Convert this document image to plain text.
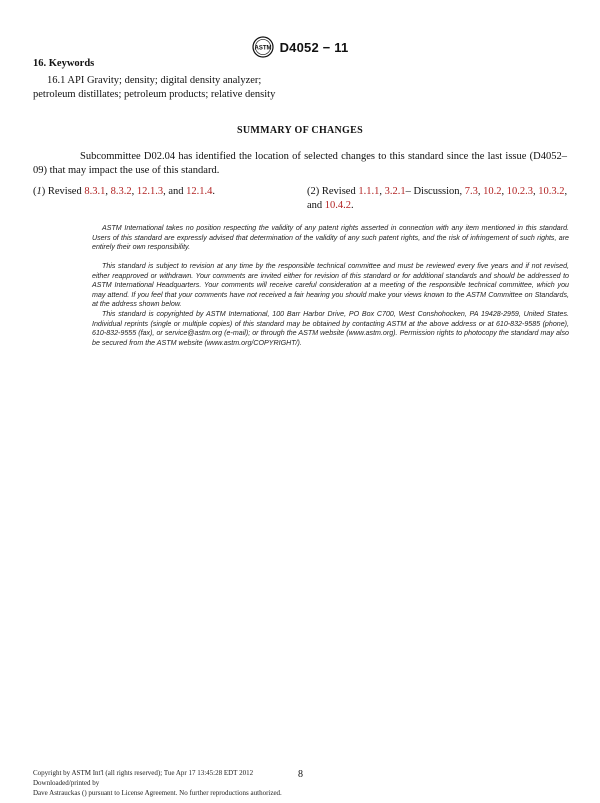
ASTM D4052 − 11
16. Keywords
16.1 API Gravity; density; digital density analyzer; petroleum distillates; petroleum products; relative density
SUMMARY OF CHANGES
Subcommittee D02.04 has identified the location of selected changes to this standard since the last issue (D4052–09) that may impact the use of this standard.
(1) Revised 8.3.1, 8.3.2, 12.1.3, and 12.1.4.	(2) Revised 1.1.1, 3.2.1– Discussion, 7.3, 10.2, 10.2.3, 10.3.2, and 10.4.2.
ASTM International takes no position respecting the validity of any patent rights asserted in connection with any item mentioned in this standard. Users of this standard are expressly advised that determination of the validity of any such patent rights, and the risk of infringement of such rights, are entirely their own responsibility.
This standard is subject to revision at any time by the responsible technical committee and must be reviewed every five years and if not revised, either reapproved or withdrawn. Your comments are invited either for revision of this standard or for additional standards and should be addressed to ASTM International Headquarters. Your comments will receive careful consideration at a meeting of the responsible technical committee, which you may attend. If you feel that your comments have not received a fair hearing you should make your views known to the ASTM Committee on Standards, at the address shown below.
This standard is copyrighted by ASTM International, 100 Barr Harbor Drive, PO Box C700, West Conshohocken, PA 19428-2959, United States. Individual reprints (single or multiple copies) of this standard may be obtained by contacting ASTM at the above address or at 610-832-9585 (phone), 610-832-9555 (fax), or service@astm.org (e-mail); or through the ASTM website (www.astm.org). Permission rights to photocopy the standard may also be secured from the ASTM website (www.astm.org/COPYRIGHT/).
Copyright by ASTM Int'l (all rights reserved); Tue Apr 17 13:45:28 EDT 2012
Downloaded/printed by
Dave Astrauckas () pursuant to License Agreement. No further reproductions authorized.
8
